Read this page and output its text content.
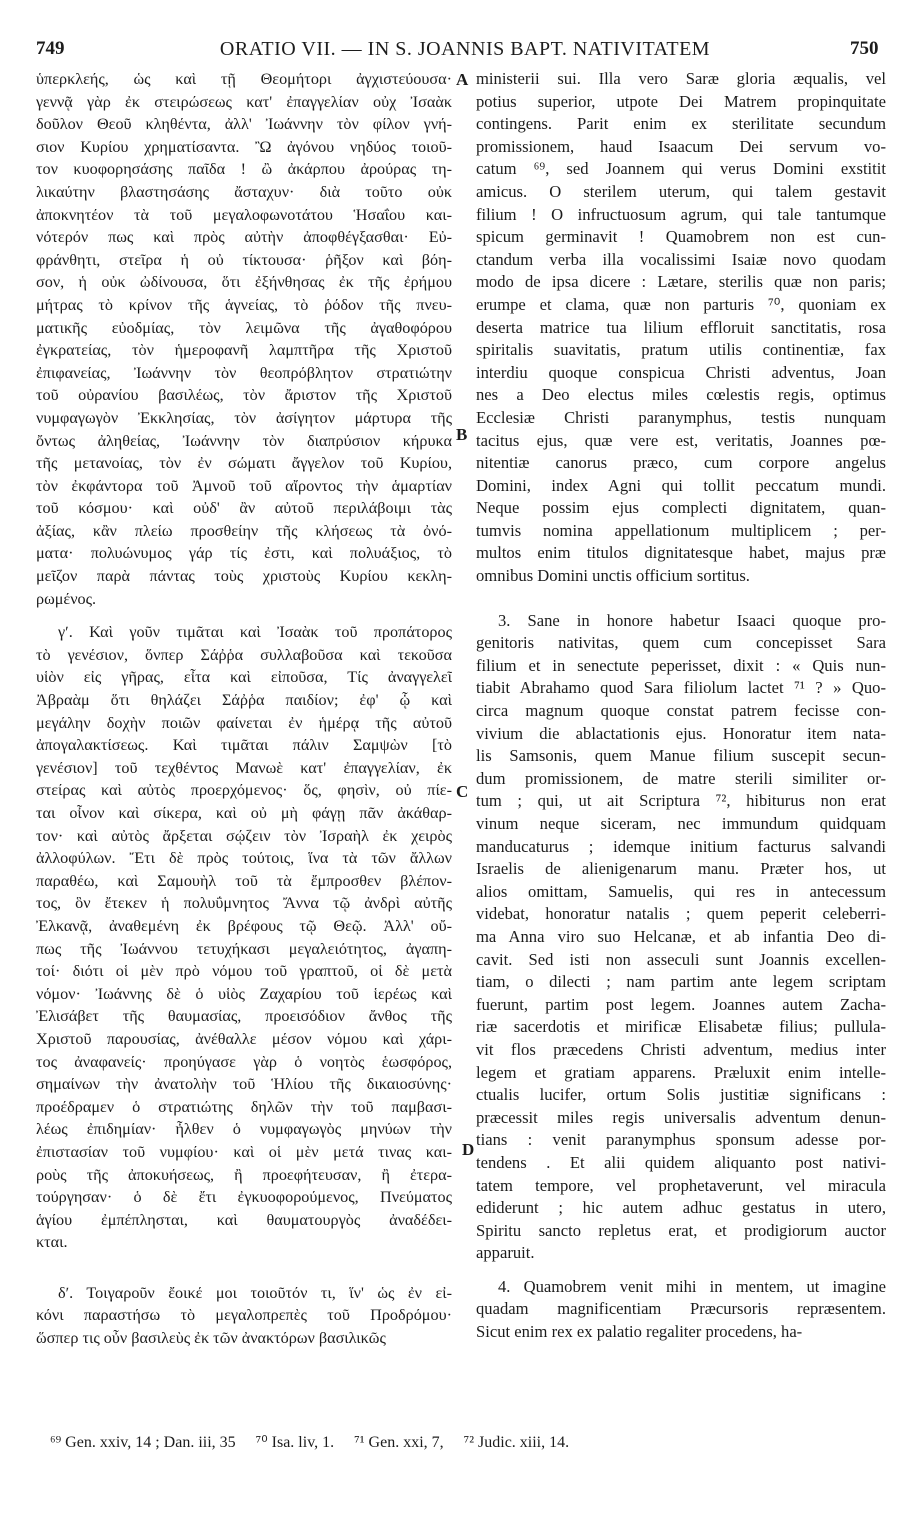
749	ORATIO VII. — IN S. JOANNIS BAPT. NATIVITATEM	750
ὑπερκλεής, ὡς καὶ τῇ Θεομήτορι ἀγχιστεύουσα·
γεννᾷ γὰρ ἐκ στειρώσεως κατ' ἐπαγγελίαν οὐχ Ἰσαὰκ
δοῦλον Θεοῦ κληθέντα, ἀλλ' Ἰωάννην τὸν φίλον γνή-
σιον Κυρίου χρηματίσαντα. Ὢ ἀγόνου νηδύος τοιοῦ-
τον κυοφορησάσης παῖδα ! ὢ ἀκάρπου ἀρούρας τη-
λικαύτην βλαστησάσης ἄσταχυν· διὰ τοῦτο οὐκ
ἀποκνητέον τὰ τοῦ μεγαλοφωνοτάτου Ἡσαΐου και-
νότερόν πως καὶ πρὸς αὐτὴν ἀποφθέγξασθαι· Εὐ-
φράνθητι, στεῖρα ἡ οὐ τίκτουσα· ῥῆξον καὶ βόη-
σον, ἡ οὐκ ὠδίνουσα, ὅτι ἐξήνθησας ἐκ τῆς ἐρήμου
μήτρας τὸ κρίνον τῆς ἁγνείας, τὸ ῥόδον τῆς πνευ-
ματικῆς εὐοδμίας, τὸν λειμῶνα τῆς ἀγαθοφόρου
ἐγκρατείας, τὸν ἡμεροφανῆ λαμπτῆρα τῆς Χριστοῦ
ἐπιφανείας, Ἰωάννην τὸν θεοπρόβλητον στρατιώτην
τοῦ οὐρανίου βασιλέως, τὸν ἄριστον τῆς Χριστοῦ
νυμφαγωγὸν Ἐκκλησίας, τὸν ἀσίγητον μάρτυρα τῆς
ὄντως ἀληθείας, Ἰωάννην τὸν διαπρύσιον κήρυκα
τῆς μετανοίας, τὸν ἐν σώματι ἄγγελον τοῦ Κυρίου,
τὸν ἐκφάντορα τοῦ Ἀμνοῦ τοῦ αἴροντος τὴν ἁμαρτίαν
τοῦ κόσμου· καὶ οὐδ' ἂν αὐτοῦ περιλάβοιμι τὰς
ἀξίας, κἂν πλείω προσθείην τῆς κλήσεως τὰ ὀνό-
ματα· πολυώνυμος γάρ τίς ἐστι, καὶ πολυάξιος, τὸ
μεῖζον παρὰ πάντας τοὺς χριστοὺς Κυρίου κεκλη-
ρωμένος.
γʹ. Καὶ γοῦν τιμᾶται καὶ Ἰσαὰκ τοῦ προπάτορος
τὸ γενέσιον, ὅνπερ Σάῤῥα συλλαβοῦσα καὶ τεκοῦσα
υἱὸν εἰς γῆρας, εἶτα καὶ εἰποῦσα, Τίς ἀναγγελεῖ
Ἀβραὰμ ὅτι θηλάζει Σάῤῥα παιδίον; ἐφ' ᾧ καὶ
μεγάλην δοχὴν ποιῶν φαίνεται ἐν ἡμέρᾳ τῆς αὐτοῦ
ἀπογαλακτίσεως. Καὶ τιμᾶται πάλιν Σαμψὼν [τὸ
γενέσιον] τοῦ τεχθέντος Μανωὲ κατ' ἐπαγγελίαν, ἐκ
στείρας καὶ αὐτὸς προερχόμενος· ὅς, φησὶν, οὐ πίε-
ται οἶνον καὶ σίκερα, καὶ οὐ μὴ φάγῃ πᾶν ἀκάθαρ-
τον· καὶ αὐτὸς ἄρξεται σῴζειν τὸν Ἰσραὴλ ἐκ χειρὸς
ἀλλοφύλων. Ἔτι δὲ πρὸς τούτοις, ἵνα τὰ τῶν ἄλλων
παραθέω, καὶ Σαμουὴλ τοῦ τὰ ἔμπροσθεν βλέπον-
τος, ὃν ἔτεκεν ἡ πολυΰμνητος Ἄννα τῷ ἀνδρὶ αὐτῆς
Ἐλκανᾷ, ἀναθεμένη ἐκ βρέφους τῷ Θεῷ. Ἀλλ' οὔ-
πως τῆς Ἰωάννου τετυχήκασι μεγαλειότητος, ἀγαπη-
τοί· διότι οἱ μὲν πρὸ νόμου τοῦ γραπτοῦ, οἱ δὲ μετὰ
νόμον· Ἰωάννης δὲ ὁ υἱὸς Ζαχαρίου τοῦ ἱερέως καὶ
Ἐλισάβετ τῆς θαυμασίας, προεισόδιον ἄνθος τῆς
Χριστοῦ παρουσίας, ἀνέθαλλε μέσον νόμου καὶ χάρι-
τος ἀναφανείς· προηύγασε γὰρ ὁ νοητὸς ἑωσφόρος,
σημαίνων τὴν ἀνατολὴν τοῦ Ἡλίου τῆς δικαιοσύνης·
προέδραμεν ὁ στρατιώτης δηλῶν τὴν τοῦ παμβασι-
λέως ἐπιδημίαν· ἦλθεν ὁ νυμφαγωγὸς μηνύων τὴν
ἐπιστασίαν τοῦ νυμφίου· καὶ οἱ μὲν μετά τινας και-
ροὺς τῆς ἀποκυήσεως, ἢ προεφήτευσαν, ἢ ἐτερα-
τούργησαν· ὁ δὲ ἔτι ἐγκυοφορούμενος, Πνεύματος
ἁγίου ἐμπέπλησται, καὶ θαυματουργὸς ἀναδέδει-
κται.
δʹ. Τοιγαροῦν ἔοικέ μοι τοιοῦτόν τι, ἵν' ὡς ἐν εἰ-
κόνι παραστήσω τὸ μεγαλοπρεπὲς τοῦ Προδρόμου·
ὥσπερ τις οὖν βασιλεὺς ἐκ τῶν ἀνακτόρων βασιλικῶς
ministerii sui. Illa vero Saræ gloria æqualis, vel
potius superior, utpote Dei Matrem propinquitate
contingens. Parit enim ex sterilitate secundum
promissionem, haud Isaacum Dei servum vo-
catum ⁶⁹, sed Joannem qui verus Domini exstitit
amicus. O sterilem uterum, qui talem gestavit
filium ! O infructuosum agrum, qui tale tantumque
spicum germinavit ! Quamobrem non est cun-
ctandum verba illa vocalissimi Isaiæ novo quodam
modo de ipsa dicere : Lætare, sterilis quæ non paris;
erumpe et clama, quæ non parturis ⁷⁰, quoniam ex
deserta matrice tua lilium effloruit sanctitatis, rosa
spiritalis suavitatis, pratum utilis continentiæ, fax
interdiu quoque conspicua Christi adventus, Joan
nes a Deo electus miles cœlestis regis, optimus
Ecclesiæ Christi paranymphus, testis nunquam
tacitus ejus, quæ vere est, veritatis, Joannes pœ-
nitentiæ canorus præco, cum corpore angelus
Domini, index Agni qui tollit peccatum mundi.
Neque possim ejus complecti dignitatem, quan-
tumvis nomina appellationum multiplicem ; per-
multos enim titulos dignitatesque habet, majus præ
omnibus Domini unctis officium sortitus.
3. Sane in honore habetur Isaaci quoque pro-
genitoris nativitas, quem cum concepisset Sara
filium et in senectute peperisset, dixit : « Quis nun-
tiabit Abrahamo quod Sara filiolum lactet ⁷¹ ? » Quo-
circa magnum quoque constat patrem fecisse con-
vivium die ablactationis ejus. Honoratur item nata-
lis Samsonis, quem Manue filium suscepit secun-
dum promissionem, de matre sterili similiter or-
tum ; qui, ut ait Scriptura ⁷², hibiturus non erat
vinum neque siceram, nec immundum quidquam
manducaturus ; idemque initium facturus salvandi
Israelis de alienigenarum manu. Præter hos, ut
alios omittam, Samuelis, qui res in antecessum
videbat, honoratur natalis ; quem peperit celeberri-
ma Anna viro suo Helcanæ, et ab infantia Deo di-
cavit. Sed isti non asseculi sunt Joannis excellen-
tiam, o dilecti ; nam partim ante legem scriptam
fuerunt, partim post legem. Joannes autem Zacha-
riæ sacerdotis et mirificæ Elisabetæ filius; pullula-
vit flos præcedens Christi adventum, medius inter
legem et gratiam apparens. Præluxit enim intelle-
ctualis lucifer, ortum Solis justitiæ significans :
præcessit miles regis universalis adventum denun-
tians : venit paranymphus sponsum adesse por-
tendens . Et alii quidem aliquanto post nativi-
tatem tempore, vel prophetaverunt, vel miracula
ediderunt ; hic autem adhuc gestatus in utero,
Spiritu sancto repletus erat, et prodigiorum auctor
apparuit.
4. Quamobrem venit mihi in mentem, ut imagine
quadam magnificentiam Præcursoris repræsentem.
Sicut enim rex ex palatio regaliter procedens, ha-
A
B
C
D
⁶⁹ Gen. xxiv, 14 ; Dan. iii, 35 ⁷⁰ Isa. liv, 1. ⁷¹ Gen. xxi, 7, ⁷² Judic. xiii, 14.
